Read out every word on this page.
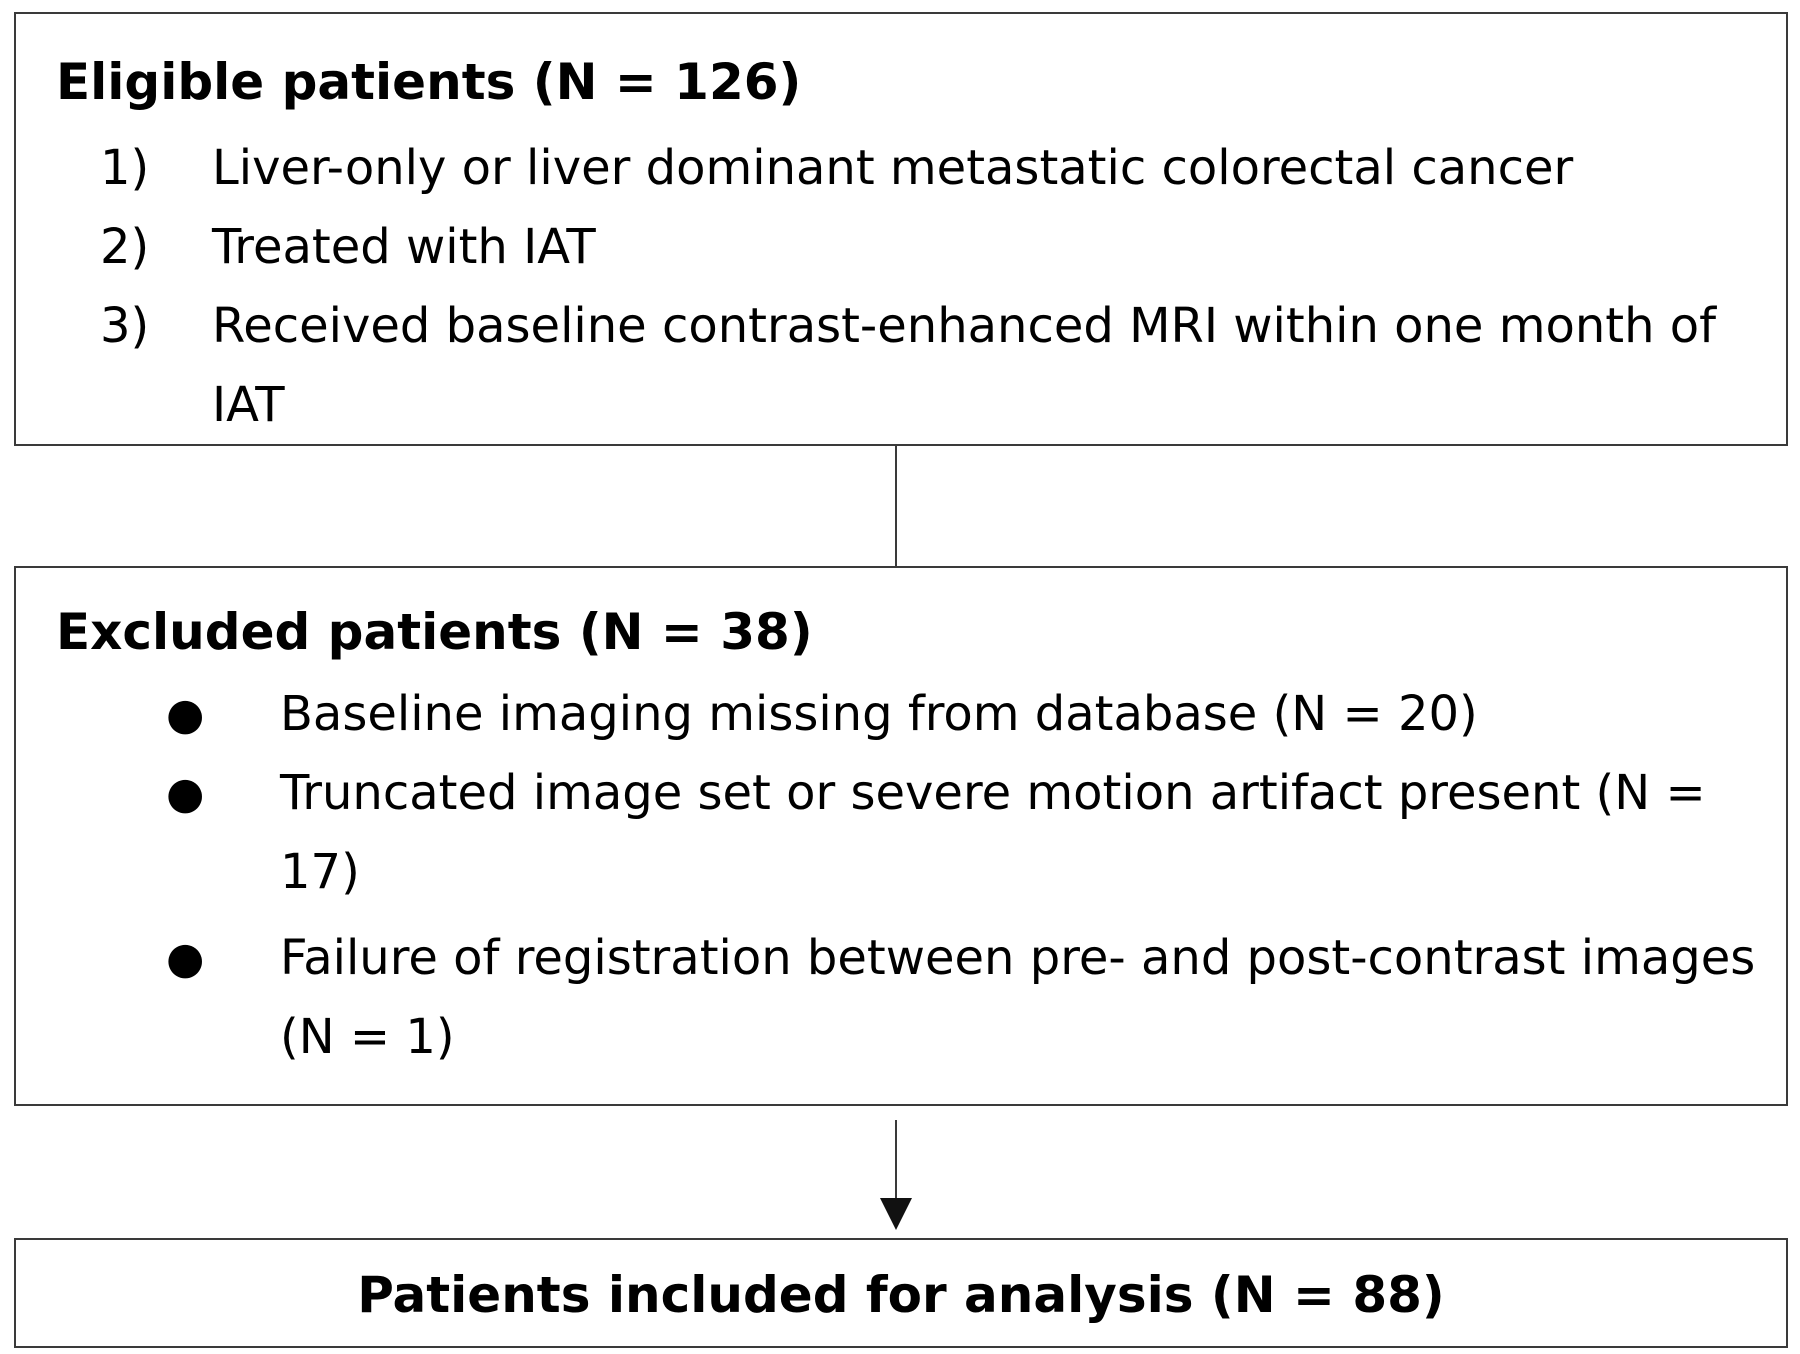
Eligible patients (N = 126)
1) Liver-only or liver dominant metastatic colorectal cancer
2) Treated with IAT
3) Received baseline contrast-enhanced MRI within one month of IAT
Excluded patients (N = 38)
● Baseline imaging missing from database (N = 20)
● Truncated image set or severe motion artifact present (N = 17)
● Failure of registration between pre- and post-contrast images (N = 1)
Patients included for analysis (N = 88)
